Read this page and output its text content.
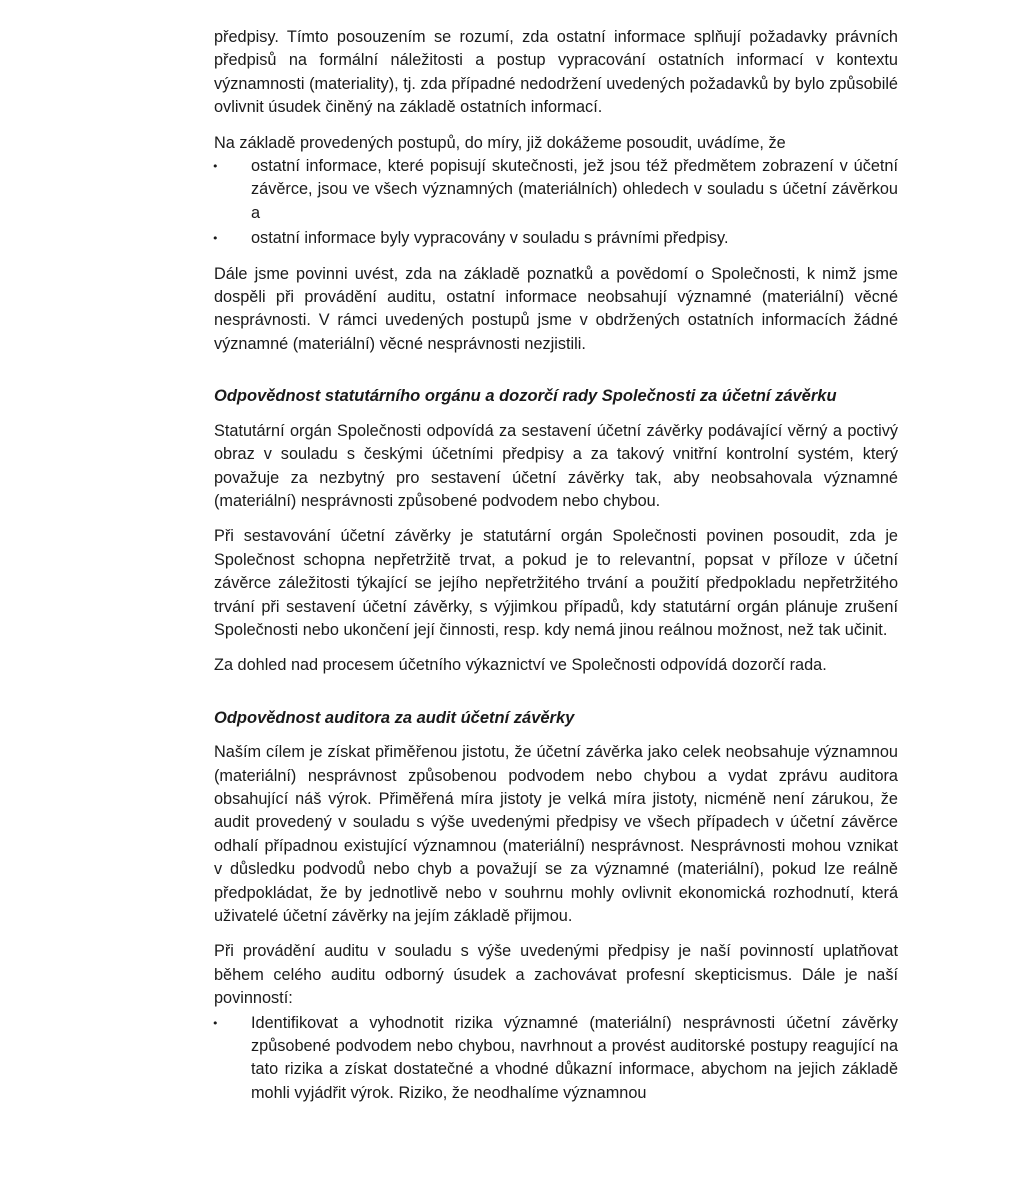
předpisy. Tímto posouzením se rozumí, zda ostatní informace splňují požadavky právních předpisů na formální náležitosti a postup vypracování ostatních informací v kontextu významnosti (materiality), tj. zda případné nedodržení uvedených požadavků by bylo způsobilé ovlivnit úsudek činěný na základě ostatních informací.

Na základě provedených postupů, do míry, již dokážeme posoudit, uvádíme, že

• ostatní informace, které popisují skutečnosti, jež jsou též předmětem zobrazení v účetní závěrce, jsou ve všech významných (materiálních) ohledech v souladu s účetní závěrkou a
• ostatní informace byly vypracovány v souladu s právními předpisy.

Dále jsme povinni uvést, zda na základě poznatků a povědomí o Společnosti, k nimž jsme dospěli při provádění auditu, ostatní informace neobsahují významné (materiální) věcné nesprávnosti. V rámci uvedených postupů jsme v obdržených ostatních informacích žádné významné (materiální) věcné nesprávnosti nezjistili.

Odpovědnost statutárního orgánu a dozorčí rady Společnosti za účetní závěrku

Statutární orgán Společnosti odpovídá za sestavení účetní závěrky podávající věrný a poctivý obraz v souladu s českými účetními předpisy a za takový vnitřní kontrolní systém, který považuje za nezbytný pro sestavení účetní závěrky tak, aby neobsahovala významné (materiální) nesprávnosti způsobené podvodem nebo chybou.

Při sestavování účetní závěrky je statutární orgán Společnosti povinen posoudit, zda je Společnost schopna nepřetržitě trvat, a pokud je to relevantní, popsat v příloze v účetní závěrce záležitosti týkající se jejího nepřetržitého trvání a použití předpokladu nepřetržitého trvání při sestavení účetní závěrky, s výjimkou případů, kdy statutární orgán plánuje zrušení Společnosti nebo ukončení její činnosti, resp. kdy nemá jinou reálnou možnost, než tak učinit.

Za dohled nad procesem účetního výkaznictví ve Společnosti odpovídá dozorčí rada.

Odpovědnost auditora za audit účetní závěrky

Naším cílem je získat přiměřenou jistotu, že účetní závěrka jako celek neobsahuje významnou (materiální) nesprávnost způsobenou podvodem nebo chybou a vydat zprávu auditora obsahující náš výrok. Přiměřená míra jistoty je velká míra jistoty, nicméně není zárukou, že audit provedený v souladu s výše uvedenými předpisy ve všech případech v účetní závěrce odhalí případnou existující významnou (materiální) nesprávnost. Nesprávnosti mohou vznikat v důsledku podvodů nebo chyb a považují se za významné (materiální), pokud lze reálně předpokládat, že by jednotlivě nebo v souhrnu mohly ovlivnit ekonomická rozhodnutí, která uživatelé účetní závěrky na jejím základě přijmou.

Při provádění auditu v souladu s výše uvedenými předpisy je naší povinností uplatňovat během celého auditu odborný úsudek a zachovávat profesní skepticismus. Dále je naší povinností:

• Identifikovat a vyhodnotit rizika významné (materiální) nesprávnosti účetní závěrky způsobené podvodem nebo chybou, navrhnout a provést auditorské postupy reagující na tato rizika a získat dostatečné a vhodné důkazní informace, abychom na jejich základě mohli vyjádřit výrok. Riziko, že neodhalíme významnou
